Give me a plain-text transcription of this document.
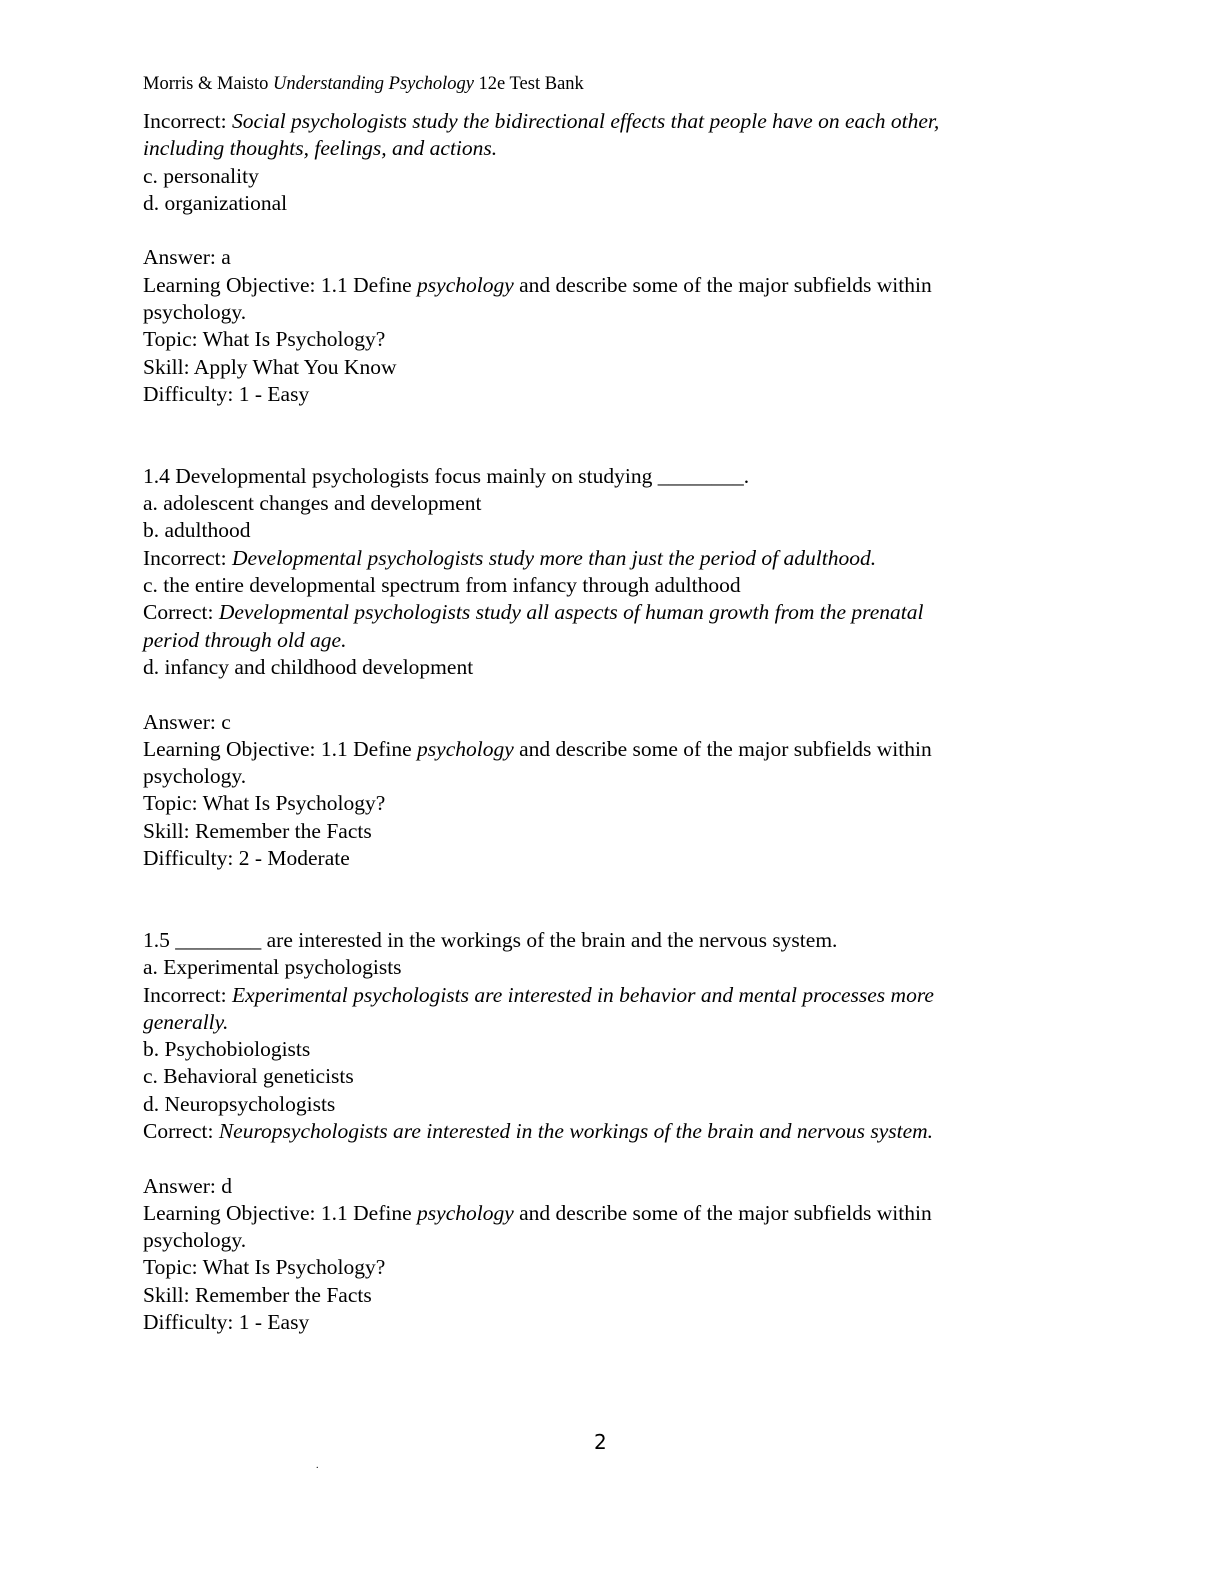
Morris & Maisto Understanding Psychology 12e Test Bank
Incorrect: Social psychologists study the bidirectional effects that people have on each other,
including thoughts, feelings, and actions.
c. personality
d. organizational
Answer: a
Learning Objective: 1.1 Define psychology and describe some of the major subfields within
psychology.
Topic: What Is Psychology?
Skill: Apply What You Know
Difficulty: 1 - Easy
1.4 Developmental psychologists focus mainly on studying ________.
a. adolescent changes and development
b. adulthood
Incorrect: Developmental psychologists study more than just the period of adulthood.
c. the entire developmental spectrum from infancy through adulthood
Correct: Developmental psychologists study all aspects of human growth from the prenatal
period through old age.
d. infancy and childhood development
Answer: c
Learning Objective: 1.1 Define psychology and describe some of the major subfields within
psychology.
Topic: What Is Psychology?
Skill: Remember the Facts
Difficulty: 2 - Moderate
1.5 ________ are interested in the workings of the brain and the nervous system.
a. Experimental psychologists
Incorrect: Experimental psychologists are interested in behavior and mental processes more
generally.
b. Psychobiologists
c. Behavioral geneticists
d. Neuropsychologists
Correct: Neuropsychologists are interested in the workings of the brain and nervous system.
Answer: d
Learning Objective: 1.1 Define psychology and describe some of the major subfields within
psychology.
Topic: What Is Psychology?
Skill: Remember the Facts
Difficulty: 1 - Easy
2
.
